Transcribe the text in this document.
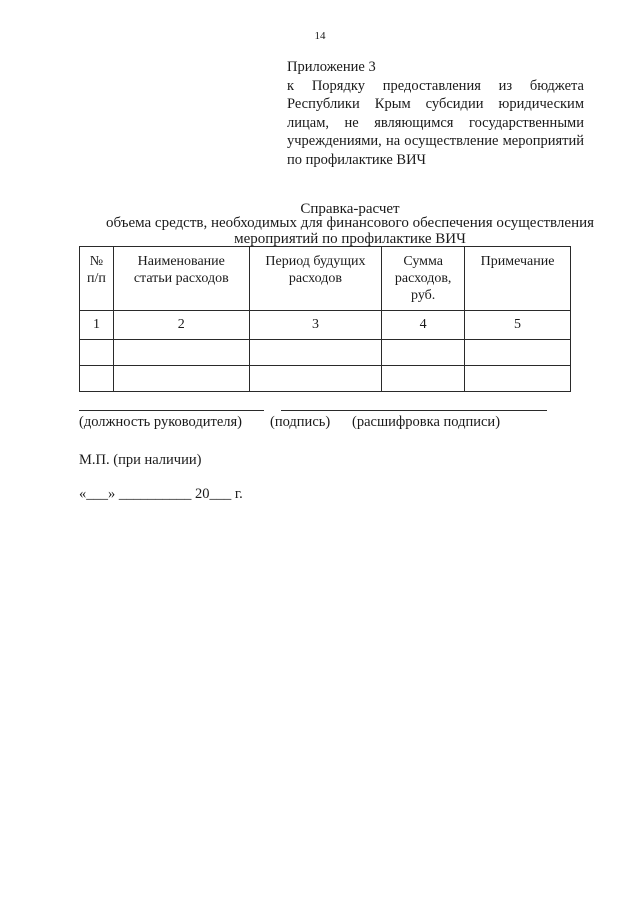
14
Приложение 3
к Порядку предоставления из бюджета Республики Крым субсидии юридическим лицам, не являющимся государственными учреждениями, на осуществление мероприятий по профилактике ВИЧ
Справка-расчет
объема средств, необходимых для финансового обеспечения осуществления
мероприятий по профилактике ВИЧ
№ п/п	Наименование статьи расходов	Период будущих расходов	Сумма расходов, руб.	Примечание
1	2	3	4	5

(должность руководителя) (подпись) (расшифровка подписи)
М.П. (при наличии)
«___» __________ 20___ г.
